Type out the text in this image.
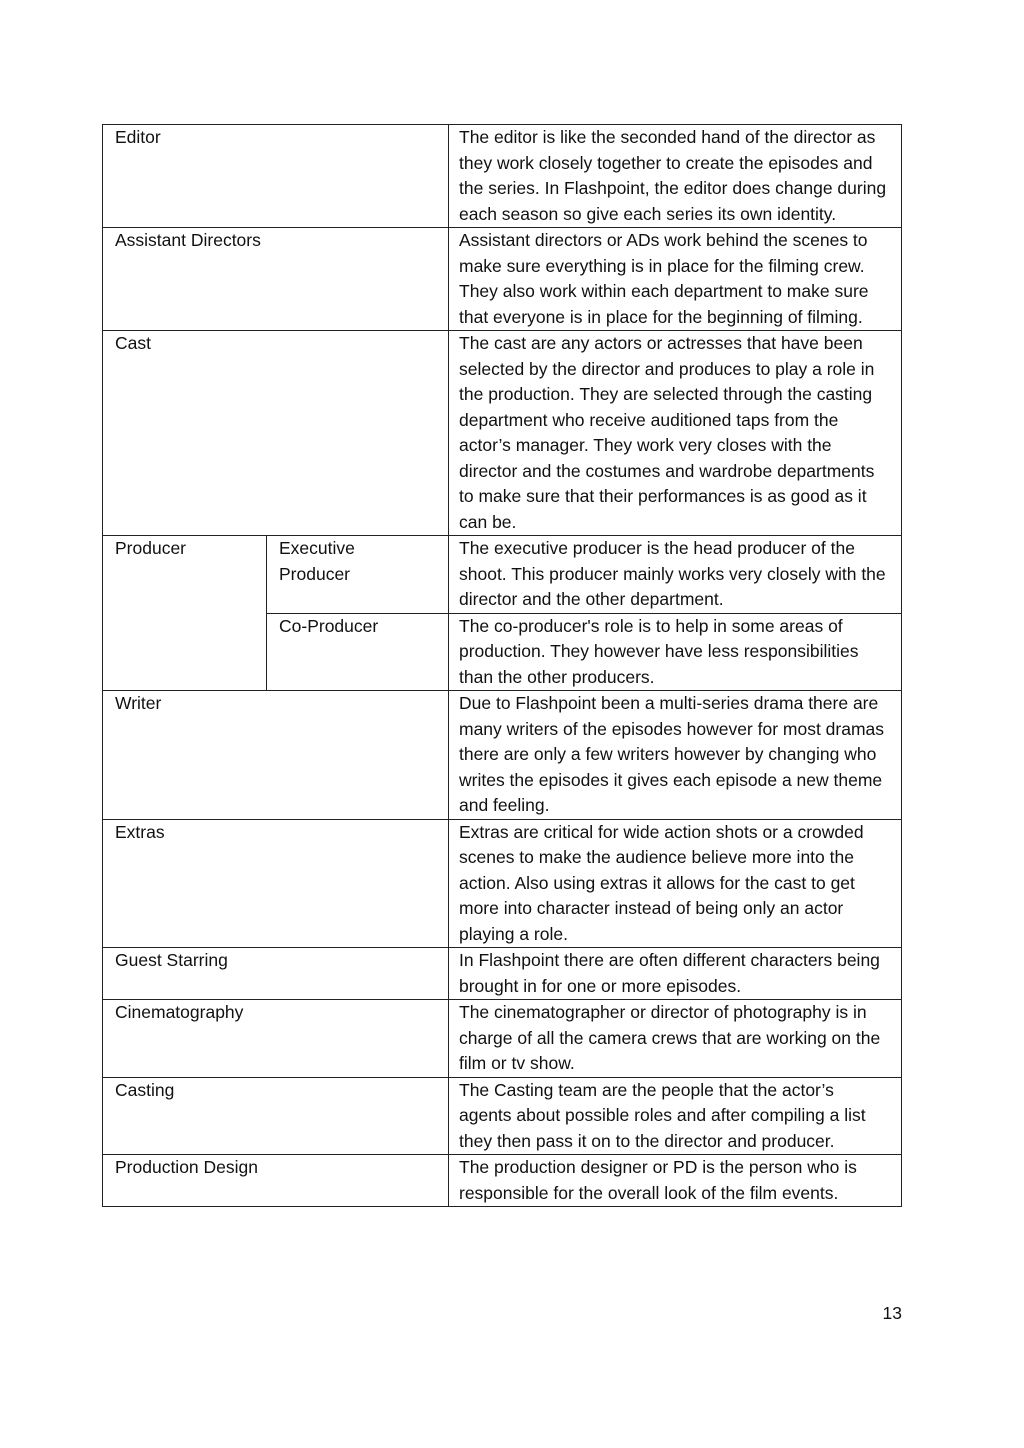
Editor		The editor is like the seconded hand of the director as they work closely together to create the episodes and the series. In Flashpoint, the editor does change during each season so give each series its own identity.
Assistant Directors		Assistant directors or ADs work behind the scenes to make sure everything is in place for the filming crew. They also work within each department to make sure that everyone is in place for the beginning of filming.
Cast		The cast are any actors or actresses that have been selected by the director and produces to play a role in the production. They are selected through the casting department who receive auditioned taps from the actor’s manager. They work very closes with the director and the costumes and wardrobe departments to make sure that their performances is as good as it can be.
Producer	Executive Producer	The executive producer is the head producer of the shoot. This producer mainly works very closely with the director and the other department.
	Co-Producer	The co-producer's role is to help in some areas of production. They however have less responsibilities than the other producers.
Writer		Due to Flashpoint been a multi-series drama there are many writers of the episodes however for most dramas there are only a few writers however by changing who writes the episodes it gives each episode a new theme and feeling.
Extras		Extras are critical for wide action shots or a crowded scenes to make the audience believe more into the action. Also using extras it allows for the cast to get more into character instead of being only an actor playing a role.
Guest Starring		In Flashpoint there are often different characters being brought in for one or more episodes.
Cinematography		The cinematographer or director of photography is in charge of all the camera crews that are working on the film or tv show.
Casting		The Casting team are the people that the actor’s agents about possible roles and after compiling a list they then pass it on to the director and producer.
Production Design		The production designer or PD is the person who is responsible for the overall look of the film events.
13
